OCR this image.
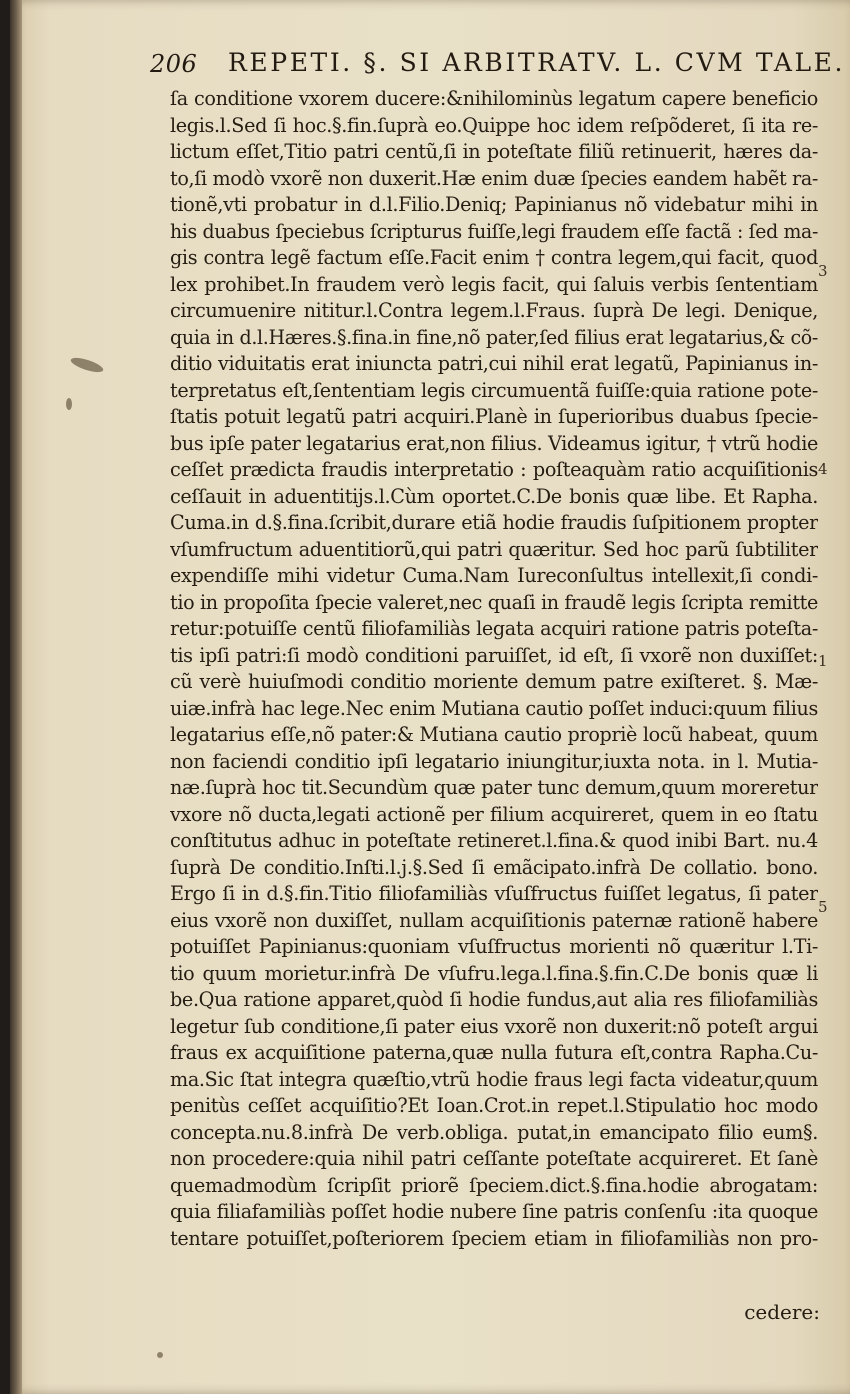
206 REPETI. §. SI ARBITRATV. L. CVM TALE.
ſa conditione vxorem ducere:&nihilominùs legatum capere beneficio
legis.l.Sed ſi hoc.§.fin.ſuprà eo.Quippe hoc idem reſpõderet, ſi ita re-
lictum eſſet,Titio patri centũ,ſi in poteſtate filiũ retinuerit, hæres da-
to,ſi modò vxorẽ non duxerit.Hæ enim duæ ſpecies eandem habẽt ra-
tionẽ,vti probatur in d.l.Filio.Deniq; Papinianus nõ videbatur mihi in
his duabus ſpeciebus ſcripturus fuiſſe,legi fraudem eſſe factã : ſed ma-
gis contra legẽ factum eſſe.Facit enim † contra legem,qui facit, quod
lex prohibet.In fraudem verò legis facit, qui ſaluis verbis ſententiam
circumuenire nititur.l.Contra legem.l.Fraus. ſuprà De legi. Denique,
quia in d.l.Hæres.§.fina.in fine,nõ pater,ſed filius erat legatarius,& cõ-
ditio viduitatis erat iniuncta patri,cui nihil erat legatũ, Papinianus in-
terpretatus eſt,ſententiam legis circumuentã fuiſſe:quia ratione pote-
ſtatis potuit legatũ patri acquiri.Planè in ſuperioribus duabus ſpecie-
bus ipſe pater legatarius erat,non filius. Videamus igitur, † vtrũ hodie
ceſſet prædicta fraudis interpretatio : poſteaquàm ratio acquiſitionis
ceſſauit in aduentitijs.l.Cùm oportet.C.De bonis quæ libe. Et Rapha.
Cuma.in d.§.fina.ſcribit,durare etiã hodie fraudis ſuſpitionem propter
vſumfructum aduentitiorũ,qui patri quæritur. Sed hoc parũ ſubtiliter
expendiſſe mihi videtur Cuma.Nam Iureconſultus intellexit,ſi condi-
tio in propoſita ſpecie valeret,nec quaſi in fraudẽ legis ſcripta remitte
retur:potuiſſe centũ filiofamiliàs legata acquiri ratione patris poteſta-
tis ipſi patri:ſi modò conditioni paruiſſet, id eſt, ſi vxorẽ non duxiſſet:
cũ verè huiuſmodi conditio moriente demum patre exiſteret. §. Mæ-
uiæ.infrà hac lege.Nec enim Mutiana cautio poſſet induci:quum filius
legatarius eſſe,nõ pater:& Mutiana cautio propriè locũ habeat, quum
non faciendi conditio ipſi legatario iniungitur,iuxta nota. in l. Mutia-
næ.ſuprà hoc tit.Secundùm quæ pater tunc demum,quum moreretur
vxore nõ ducta,legati actionẽ per filium acquireret, quem in eo ſtatu
conſtitutus adhuc in poteſtate retineret.l.fina.& quod inibi Bart. nu.4
ſuprà De conditio.Inſti.l.j.§.Sed ſi emãcipato.infrà De collatio. bono.
Ergo ſi in d.§.fin.Titio filiofamiliàs vſuſfructus fuiſſet legatus, ſi pater
eius vxorẽ non duxiſſet, nullam acquiſitionis paternæ rationẽ habere
potuiſſet Papinianus:quoniam vſuſfructus morienti nõ quæritur l.Ti-
tio quum morietur.infrà De vſufru.lega.l.fina.§.fin.C.De bonis quæ li
be.Qua ratione apparet,quòd ſi hodie fundus,aut alia res filiofamiliàs
legetur ſub conditione,ſi pater eius vxorẽ non duxerit:nõ poteſt argui
fraus ex acquiſitione paterna,quæ nulla futura eſt,contra Rapha.Cu-
ma.Sic ſtat integra quæſtio,vtrũ hodie fraus legi facta videatur,quum
penitùs ceſſet acquiſitio?Et Ioan.Crot.in repet.l.Stipulatio hoc modo
concepta.nu.8.infrà De verb.obliga. putat,in emancipato filio eum§.
non procedere:quia nihil patri ceſſante poteſtate acquireret. Et ſanè
quemadmodùm ſcripſit priorẽ ſpeciem.dict.§.fina.hodie abrogatam:
quia filiafamiliàs poſſet hodie nubere ſine patris conſenſu :ita quoque
tentare potuiſſet,poſteriorem ſpeciem etiam in filiofamiliàs non pro-
3
4
1
5
cedere:
